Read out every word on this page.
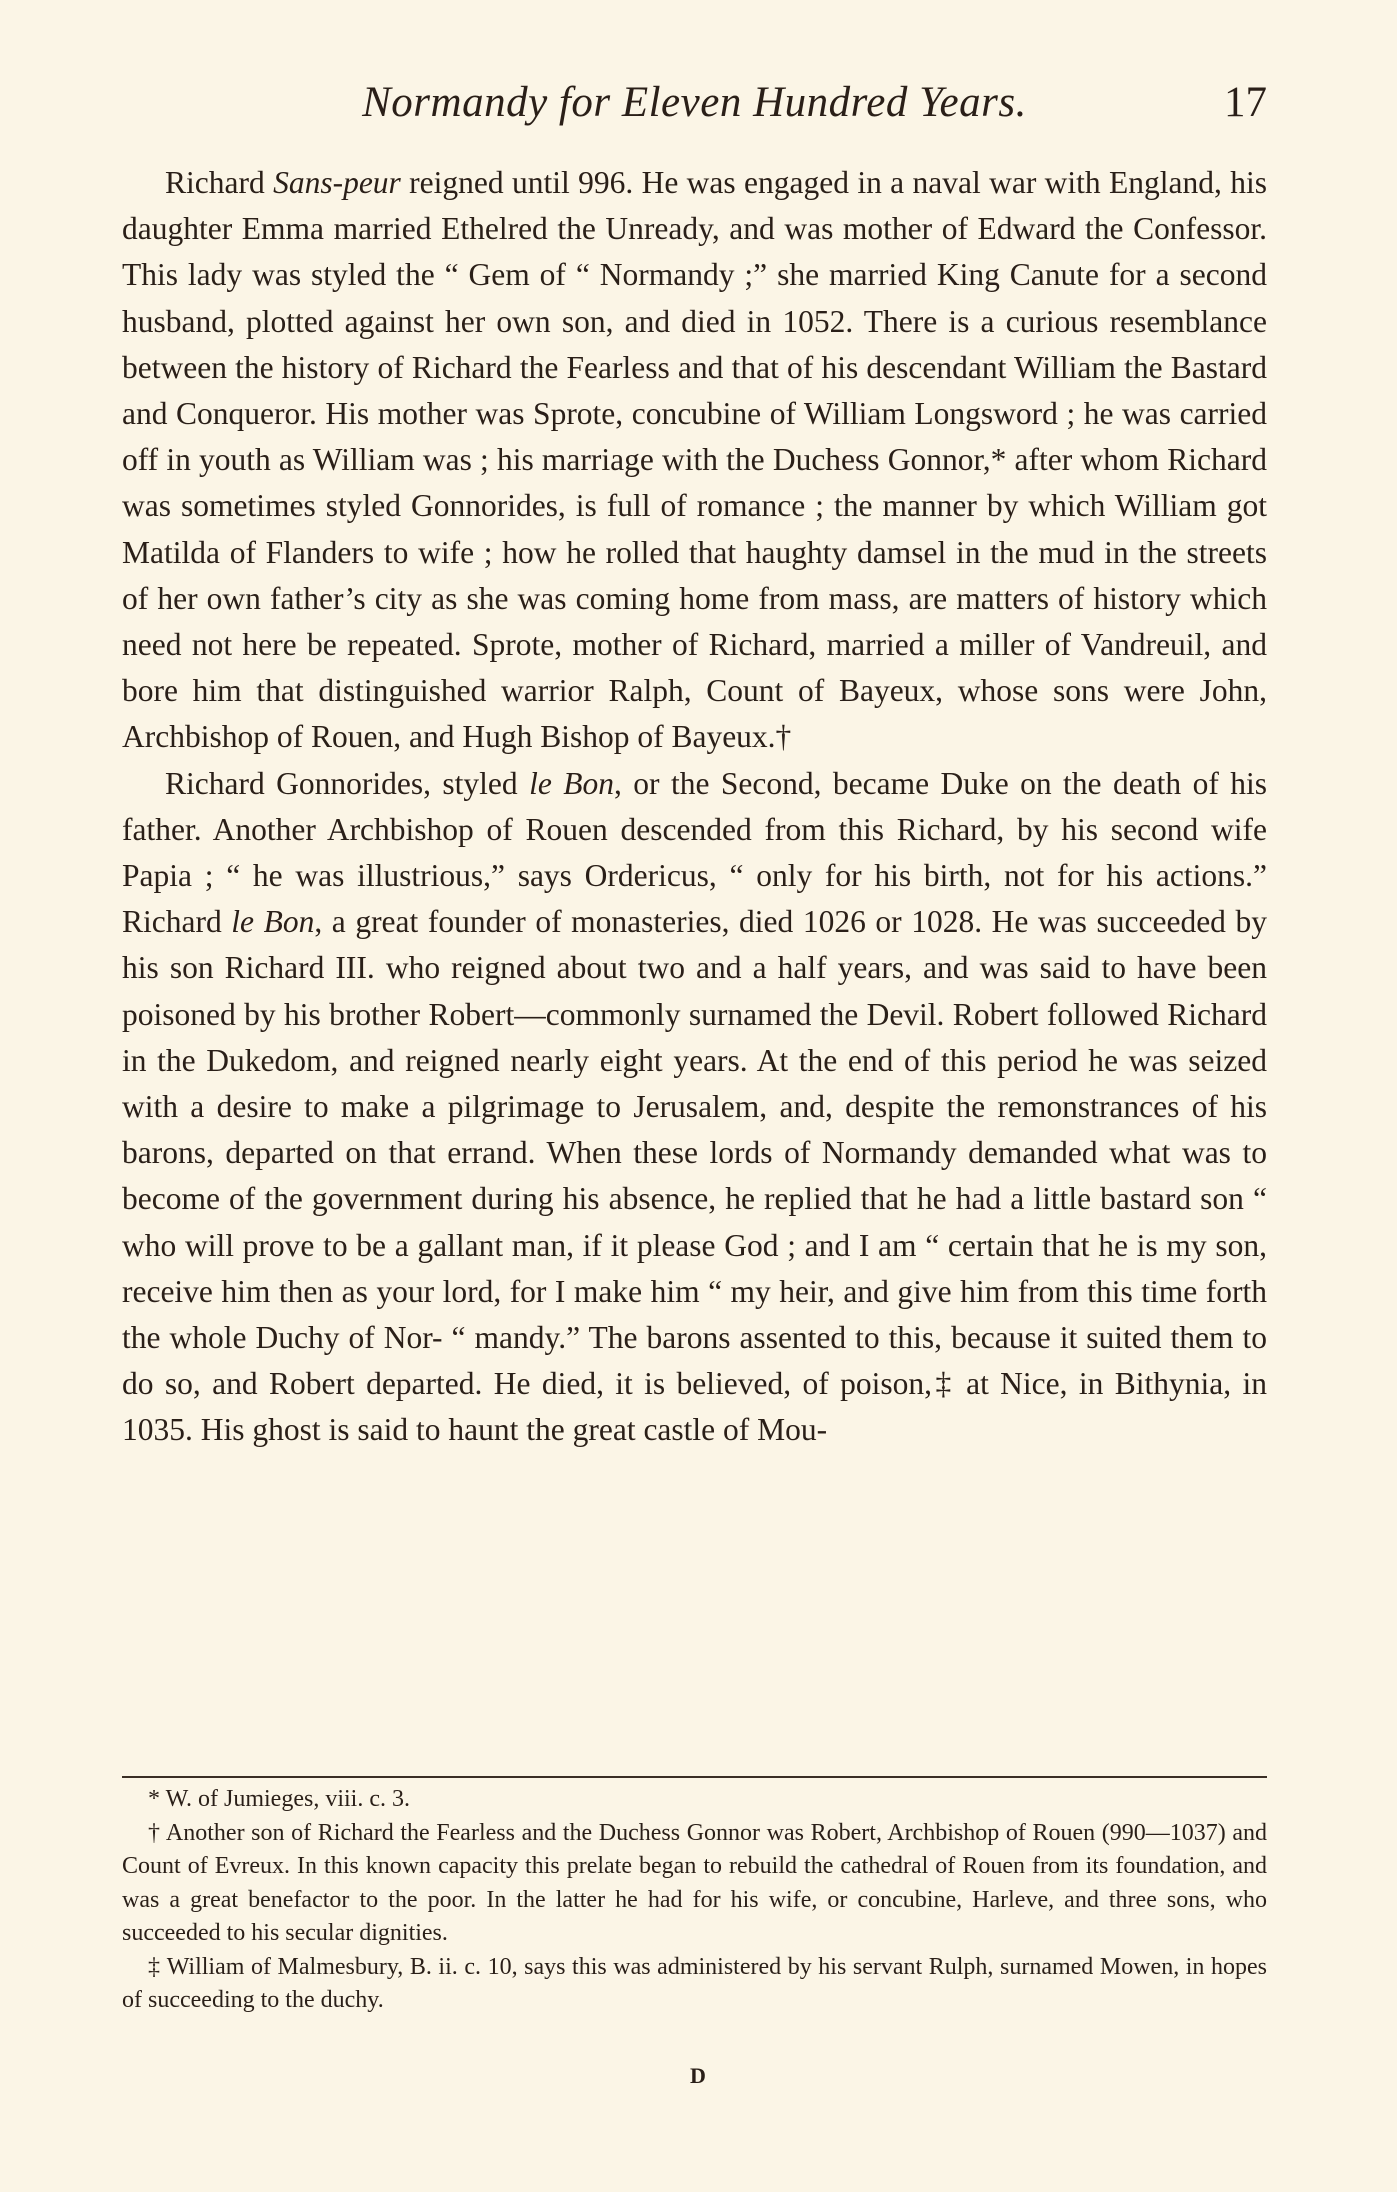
Normandy for Eleven Hundred Years.	17

Richard Sans-peur reigned until 996. He was engaged in a naval war with England, his daughter Emma married Ethelred the Unready, and was mother of Edward the Confessor. This lady was styled the “ Gem of “ Normandy ;” she married King Canute for a second husband, plotted against her own son, and died in 1052. There is a curious resemblance between the history of Richard the Fearless and that of his descendant William the Bastard and Conqueror. His mother was Sprote, concubine of William Longsword ; he was carried off in youth as William was ; his marriage with the Duchess Gonnor,* after whom Richard was sometimes styled Gonnorides, is full of romance ; the manner by which William got Matilda of Flanders to wife ; how he rolled that haughty damsel in the mud in the streets of her own father’s city as she was coming home from mass, are matters of history which need not here be repeated. Sprote, mother of Richard, married a miller of Vandreuil, and bore him that distinguished warrior Ralph, Count of Bayeux, whose sons were John, Archbishop of Rouen, and Hugh Bishop of Bayeux.†

Richard Gonnorides, styled le Bon, or the Second, became Duke on the death of his father. Another Archbishop of Rouen descended from this Richard, by his second wife Papia ; “ he was illustrious,” says Ordericus, “ only for his birth, not for his actions.” Richard le Bon, a great founder of monasteries, died 1026 or 1028. He was succeeded by his son Richard III. who reigned about two and a half years, and was said to have been poisoned by his brother Robert—commonly surnamed the Devil. Robert followed Richard in the Dukedom, and reigned nearly eight years. At the end of this period he was seized with a desire to make a pilgrimage to Jerusalem, and, despite the remonstrances of his barons, departed on that errand. When these lords of Normandy demanded what was to become of the government during his absence, he replied that he had a little bastard son “ who will prove to be a gallant man, if it please God ; and I am “ certain that he is my son, receive him then as your lord, for I make him “ my heir, and give him from this time forth the whole Duchy of Nor- “ mandy.” The barons assented to this, because it suited them to do so, and Robert departed. He died, it is believed, of poison,‡ at Nice, in Bithynia, in 1035. His ghost is said to haunt the great castle of Mou-

* W. of Jumieges, viii. c. 3.

† Another son of Richard the Fearless and the Duchess Gonnor was Robert, Archbishop of Rouen (990—1037) and Count of Evreux. In this known capacity this prelate began to rebuild the cathedral of Rouen from its foundation, and was a great benefactor to the poor. In the latter he had for his wife, or concubine, Harleve, and three sons, who succeeded to his secular dignities.

‡ William of Malmesbury, B. ii. c. 10, says this was administered by his servant Rulph, surnamed Mowen, in hopes of succeeding to the duchy.

D
